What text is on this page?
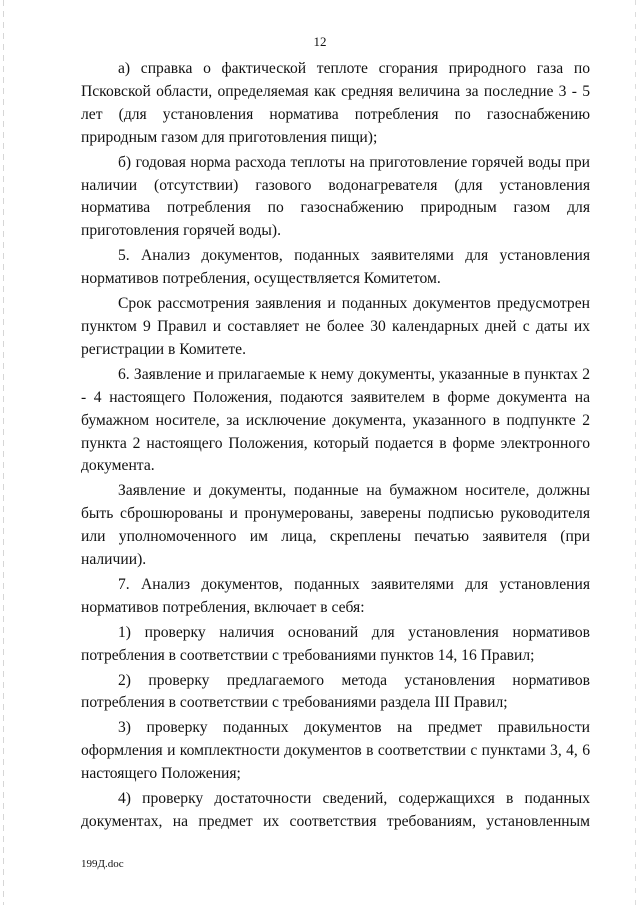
12

а) справка о фактической теплоте сгорания природного газа по Псковской области, определяемая как средняя величина за последние 3 - 5 лет (для установления норматива потребления по газоснабжению природным газом для приготовления пищи);

б) годовая норма расхода теплоты на приготовление горячей воды при наличии (отсутствии) газового водонагревателя (для установления норматива потребления по газоснабжению природным газом для приготовления горячей воды).

5. Анализ документов, поданных заявителями для установления нормативов потребления, осуществляется Комитетом.

Срок рассмотрения заявления и поданных документов предусмотрен пунктом 9 Правил и составляет не более 30 календарных дней с даты их регистрации в Комитете.

6. Заявление и прилагаемые к нему документы, указанные в пунктах 2 - 4 настоящего Положения, подаются заявителем в форме документа на бумажном носителе, за исключение документа, указанного в подпункте 2 пункта 2 настоящего Положения, который подается в форме электронного документа.

Заявление и документы, поданные на бумажном носителе, должны быть сброшюрованы и пронумерованы, заверены подписью руководителя или уполномоченного им лица, скреплены печатью заявителя (при наличии).

7. Анализ документов, поданных заявителями для установления нормативов потребления, включает в себя:

1) проверку наличия оснований для установления нормативов потребления в соответствии с требованиями пунктов 14, 16 Правил;

2) проверку предлагаемого метода установления нормативов потребления в соответствии с требованиями раздела III Правил;

3) проверку поданных документов на предмет правильности оформления и комплектности документов в соответствии с пунктами 3, 4, 6 настоящего Положения;

4) проверку достаточности сведений, содержащихся в поданных документах, на предмет их соответствия требованиям, установленным

199Д.doc
